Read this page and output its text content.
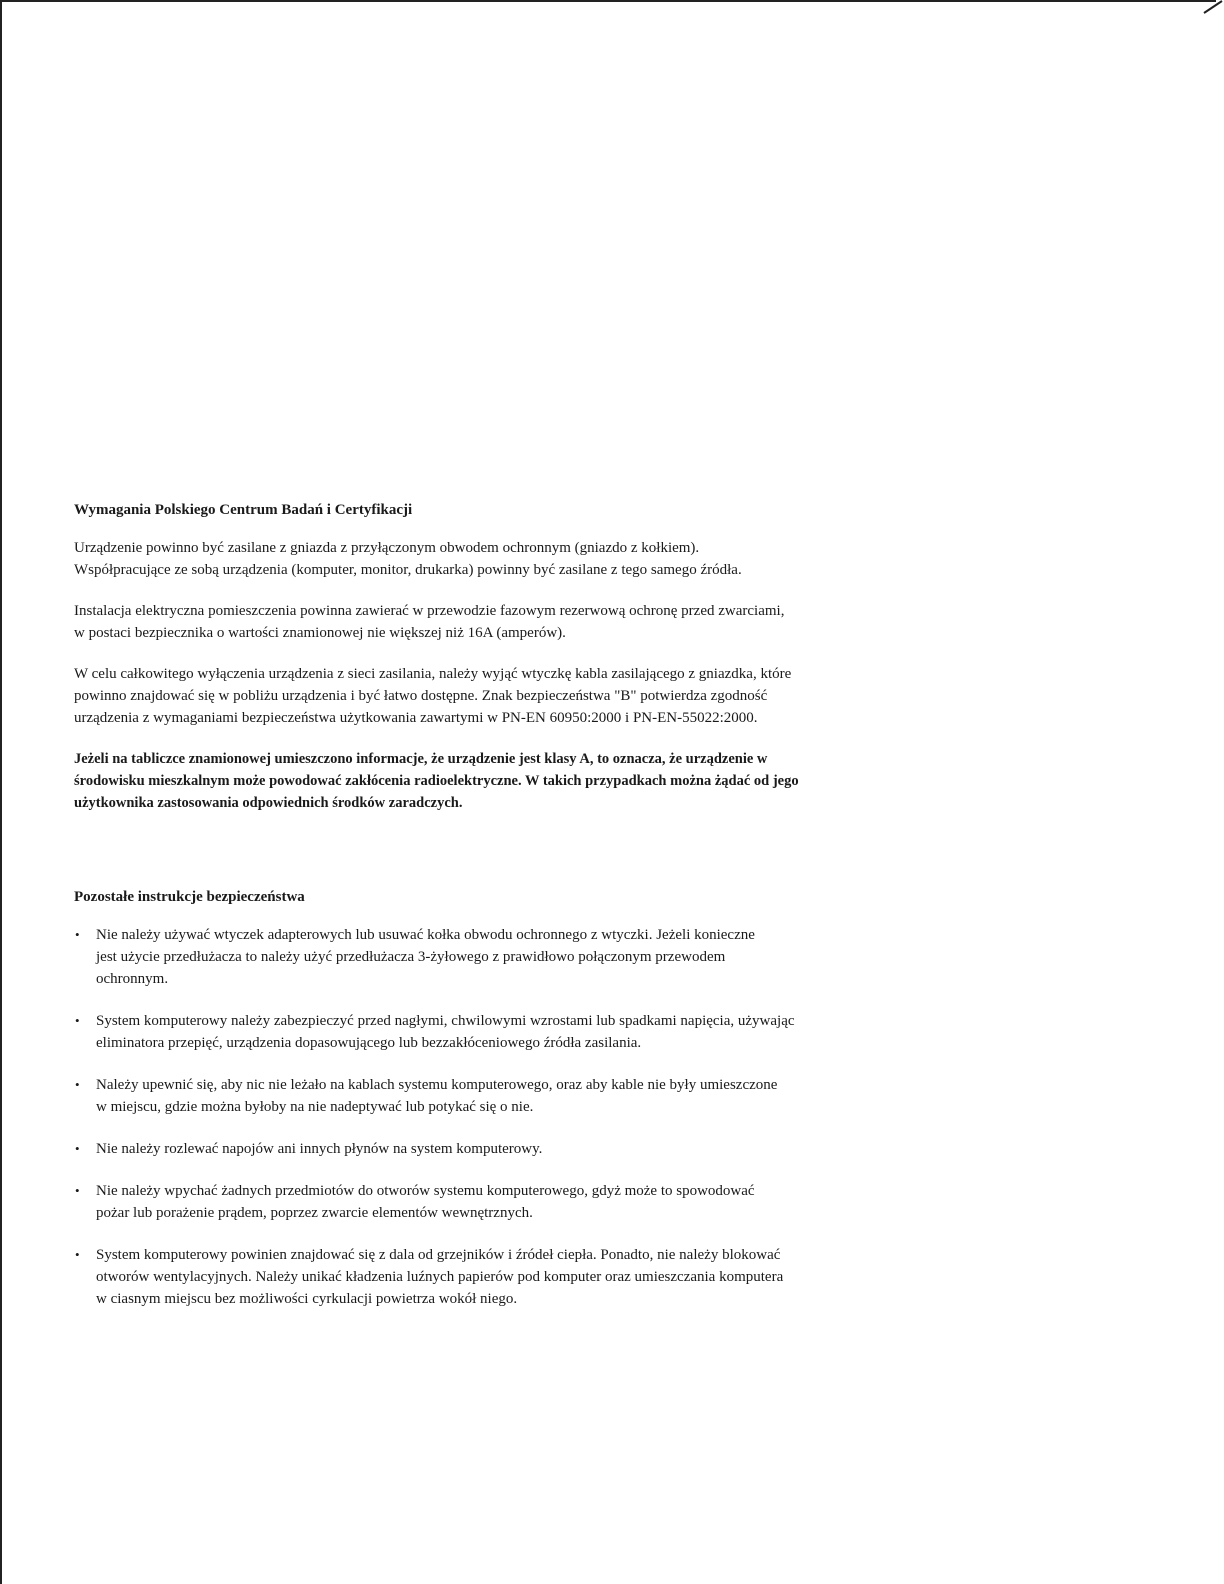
Wymagania Polskiego Centrum Badań i Certyfikacji

Urządzenie powinno być zasilane z gniazda z przyłączonym obwodem ochronnym (gniazdo z kołkiem).
Współpracujące ze sobą urządzenia (komputer, monitor, drukarka) powinny być zasilane z tego samego źródła.

Instalacja elektryczna pomieszczenia powinna zawierać w przewodzie fazowym rezerwową ochronę przed zwarciami,
w postaci bezpiecznika o wartości znamionowej nie większej niż 16A (amperów).

W celu całkowitego wyłączenia urządzenia z sieci zasilania, należy wyjąć wtyczkę kabla zasilającego z gniazdka, które
powinno znajdować się w pobliżu urządzenia i być łatwo dostępne. Znak bezpieczeństwa "B" potwierdza zgodność
urządzenia z wymaganiami bezpieczeństwa użytkowania zawartymi w PN-EN 60950:2000 i PN-EN-55022:2000.

Jeżeli na tabliczce znamionowej umieszczono informacje, że urządzenie jest klasy A, to oznacza, że urządzenie w
środowisku mieszkalnym może powodować zakłócenia radioelektryczne. W takich przypadkach można żądać od jego
użytkownika zastosowania odpowiednich środków zaradczych.

Pozostałe instrukcje bezpieczeństwa
• Nie należy używać wtyczek adapterowych lub usuwać kołka obwodu ochronnego z wtyczki. Jeżeli konieczne
jest użycie przedłużacza to należy użyć przedłużacza 3-żyłowego z prawidłowo połączonym przewodem
ochronnym.
• System komputerowy należy zabezpieczyć przed nagłymi, chwilowymi wzrostami lub spadkami napięcia, używając
eliminatora przepięć, urządzenia dopasowującego lub bezzakłóceniowego źródła zasilania.
• Należy upewnić się, aby nic nie leżało na kablach systemu komputerowego, oraz aby kable nie były umieszczone
w miejscu, gdzie można byłoby na nie nadeptywać lub potykać się o nie.
• Nie należy rozlewać napojów ani innych płynów na system komputerowy.
• Nie należy wpychać żadnych przedmiotów do otworów systemu komputerowego, gdyż może to spowodować
pożar lub porażenie prądem, poprzez zwarcie elementów wewnętrznych.
• System komputerowy powinien znajdować się z dala od grzejników i źródeł ciepła. Ponadto, nie należy blokować
otworów wentylacyjnych. Należy unikać kładzenia luźnych papierów pod komputer oraz umieszczania komputera
w ciasnym miejscu bez możliwości cyrkulacji powietrza wokół niego.
